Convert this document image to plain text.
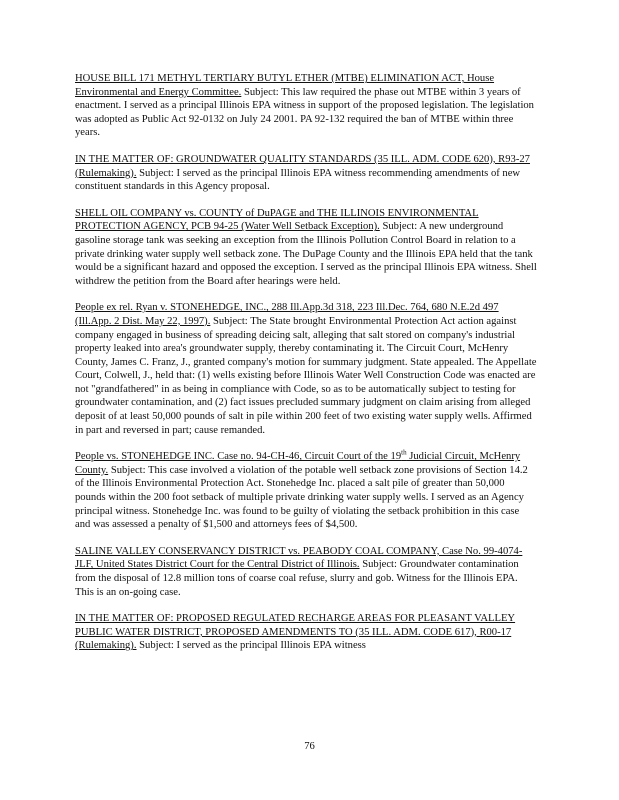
HOUSE BILL 171 METHYL TERTIARY BUTYL ETHER (MTBE) ELIMINATION ACT, House Environmental and Energy Committee. Subject: This law required the phase out MTBE within 3 years of enactment. I served as a principal Illinois EPA witness in support of the proposed legislation. The legislation was adopted as Public Act 92-0132 on July 24 2001. PA 92-132 required the ban of MTBE within three years.

IN THE MATTER OF: GROUNDWATER QUALITY STANDARDS (35 ILL. ADM. CODE 620), R93-27 (Rulemaking). Subject: I served as the principal Illinois EPA witness recommending amendments of new constituent standards in this Agency proposal.

SHELL OIL COMPANY vs. COUNTY of DuPAGE and THE ILLINOIS ENVIRONMENTAL PROTECTION AGENCY, PCB 94-25 (Water Well Setback Exception). Subject: A new underground gasoline storage tank was seeking an exception from the Illinois Pollution Control Board in relation to a private drinking water supply well setback zone. The DuPage County and the Illinois EPA held that the tank would be a significant hazard and opposed the exception. I served as the principal Illinois EPA witness. Shell withdrew the petition from the Board after hearings were held.

People ex rel. Ryan v. STONEHEDGE, INC., 288 Ill.App.3d 318, 223 Ill.Dec. 764, 680 N.E.2d 497 (Ill.App. 2 Dist. May 22, 1997). Subject: The State brought Environmental Protection Act action against company engaged in business of spreading deicing salt, alleging that salt stored on company's industrial property leaked into area's groundwater supply, thereby contaminating it. The Circuit Court, McHenry County, James C. Franz, J., granted company's motion for summary judgment. State appealed. The Appellate Court, Colwell, J., held that: (1) wells existing before Illinois Water Well Construction Code was enacted are not "grandfathered" in as being in compliance with Code, so as to be automatically subject to testing for groundwater contamination, and (2) fact issues precluded summary judgment on claim arising from alleged deposit of at least 50,000 pounds of salt in pile within 200 feet of two existing water supply wells. Affirmed in part and reversed in part; cause remanded.

People vs. STONEHEDGE INC. Case no. 94-CH-46, Circuit Court of the 19th Judicial Circuit, McHenry County. Subject: This case involved a violation of the potable well setback zone provisions of Section 14.2 of the Illinois Environmental Protection Act. Stonehedge Inc. placed a salt pile of greater than 50,000 pounds within the 200 foot setback of multiple private drinking water supply wells. I served as an Agency principal witness. Stonehedge Inc. was found to be guilty of violating the setback prohibition in this case and was assessed a penalty of $1,500 and attorneys fees of $4,500.

SALINE VALLEY CONSERVANCY DISTRICT vs. PEABODY COAL COMPANY, Case No. 99-4074-JLF, United States District Court for the Central District of Illinois. Subject: Groundwater contamination from the disposal of 12.8 million tons of coarse coal refuse, slurry and gob. Witness for the Illinois EPA. This is an on-going case.

IN THE MATTER OF: PROPOSED REGULATED RECHARGE AREAS FOR PLEASANT VALLEY PUBLIC WATER DISTRICT, PROPOSED AMENDMENTS TO (35 ILL. ADM. CODE 617), R00-17 (Rulemaking). Subject: I served as the principal Illinois EPA witness

76
